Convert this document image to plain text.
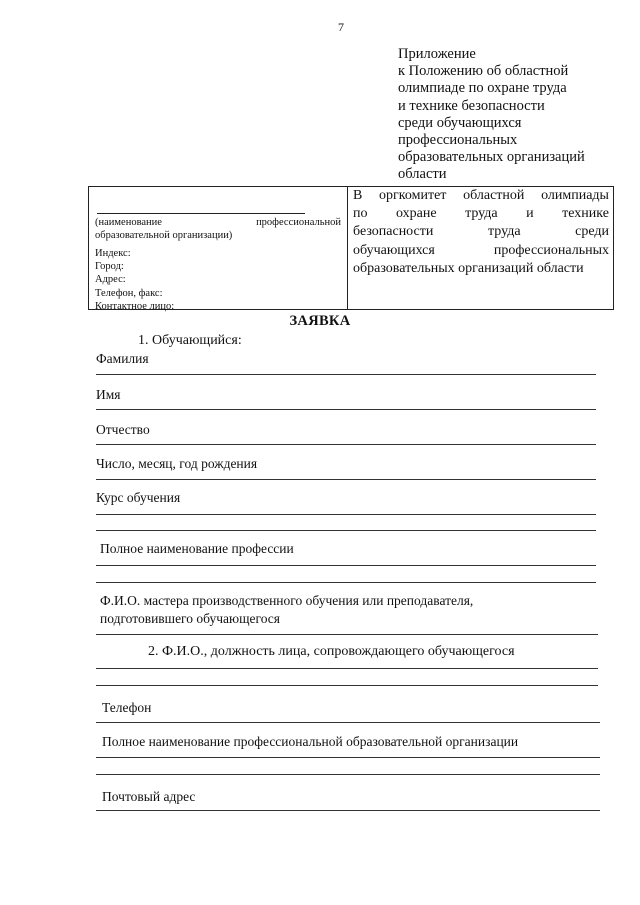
7
Приложение
к Положению об областной
олимпиаде по охране труда
и технике безопасности
среди обучающихся
профессиональных
образовательных организаций
области
(наименование	профессиональной
образовательной организации)
Индекс:
Город:
Адрес:
Телефон, факс:
Контактное лицо:
В оргкомитет областной олимпиады
по охране труда и технике
безопасности	труда	среди
обучающихся	профессиональных
образовательных организаций области
ЗАЯВКА
1. Обучающийся:
Фамилия
Имя
Отчество
Число, месяц, год рождения
Курс обучения
Полное наименование профессии
Ф.И.О. мастера производственного обучения или преподавателя,
подготовившего обучающегося
2. Ф.И.О., должность лица, сопровождающего обучающегося
Телефон
Полное наименование профессиональной образовательной организации
Почтовый адрес
